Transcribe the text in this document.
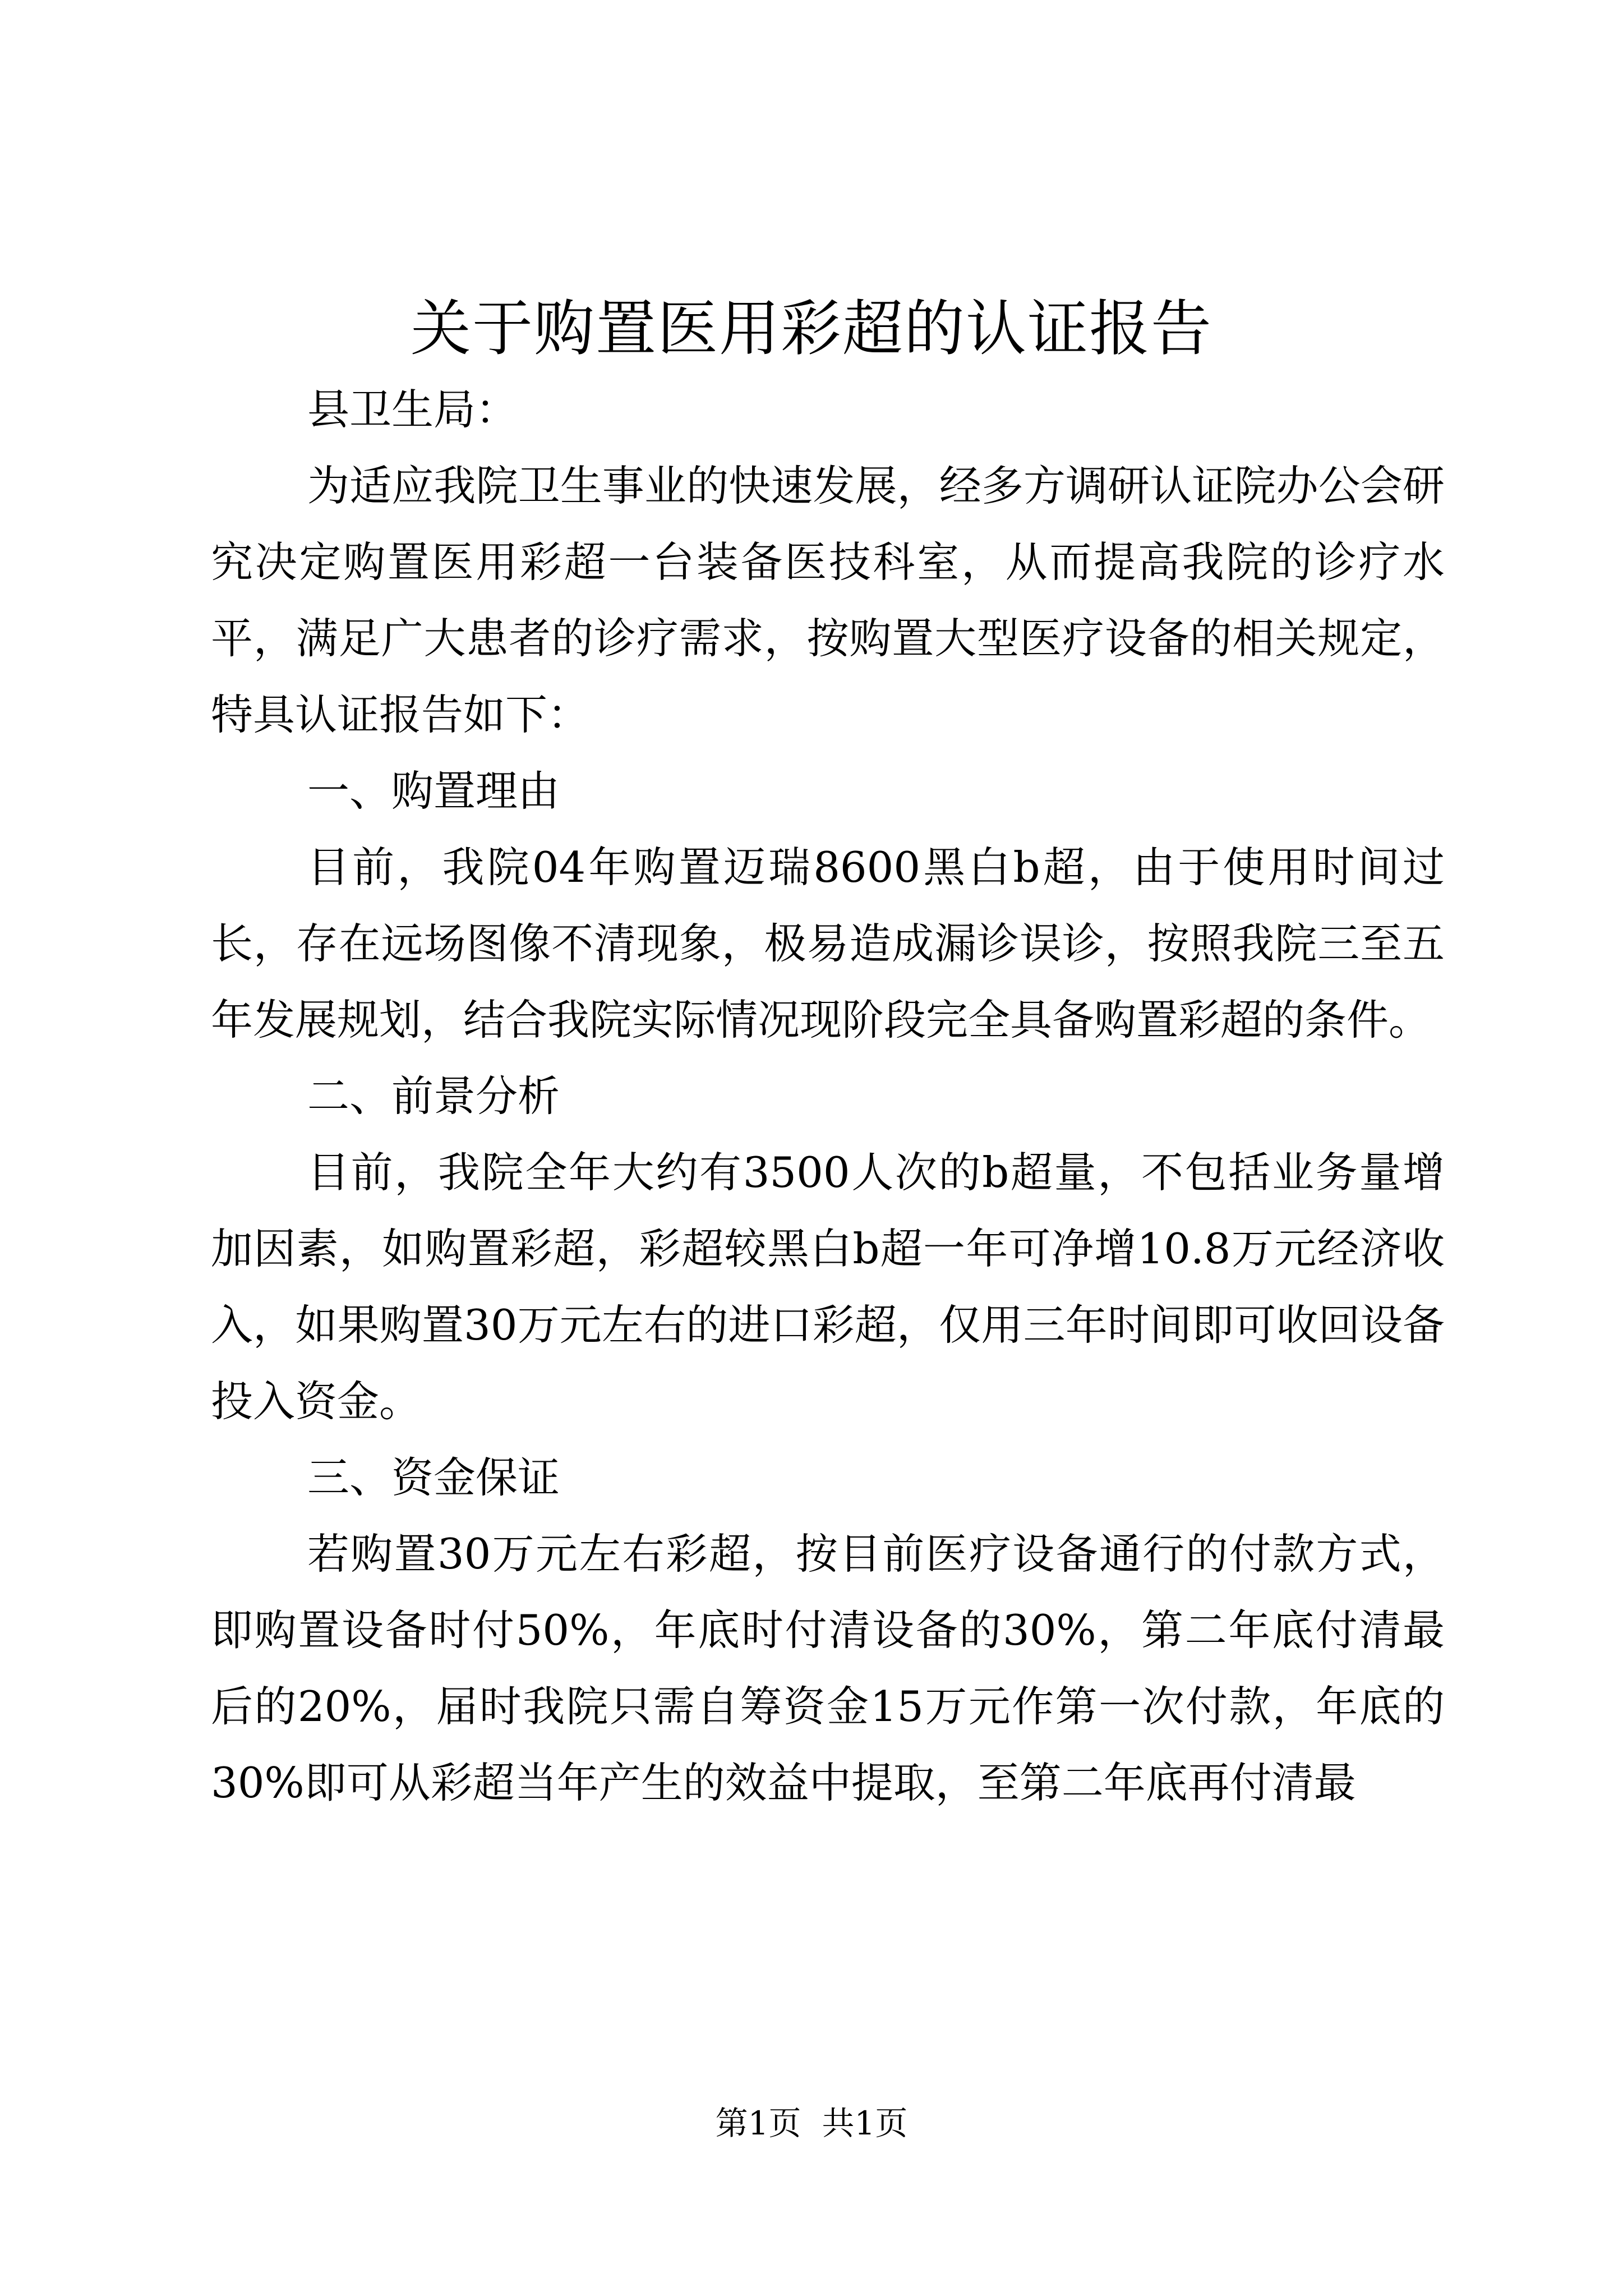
关于购置医用彩超的认证报告

县卫生局：

为适应我院卫生事业的快速发展，经多方调研认证院办公会研究决定购置医用彩超一台装备医技科室，从而提高我院的诊疗水平，满足广大患者的诊疗需求，按购置大型医疗设备的相关规定，特具认证报告如下：

一、购置理由

目前，我院04年购置迈瑞8600黑白b超，由于使用时间过长，存在远场图像不清现象，极易造成漏诊误诊，按照我院三至五年发展规划，结合我院实际情况现阶段完全具备购置彩超的条件。

二、前景分析

目前，我院全年大约有3500人次的b超量，不包括业务量增加因素，如购置彩超，彩超较黑白b超一年可净增10.8万元经济收入，如果购置30万元左右的进口彩超，仅用三年时间即可收回设备投入资金。

三、资金保证

若购置30万元左右彩超，按目前医疗设备通行的付款方式，即购置设备时付50%，年底时付清设备的30%，第二年底付清最后的20%，届时我院只需自筹资金15万元作第一次付款，年底的30%即可从彩超当年产生的效益中提取，至第二年底再付清最

第1页 共1页
